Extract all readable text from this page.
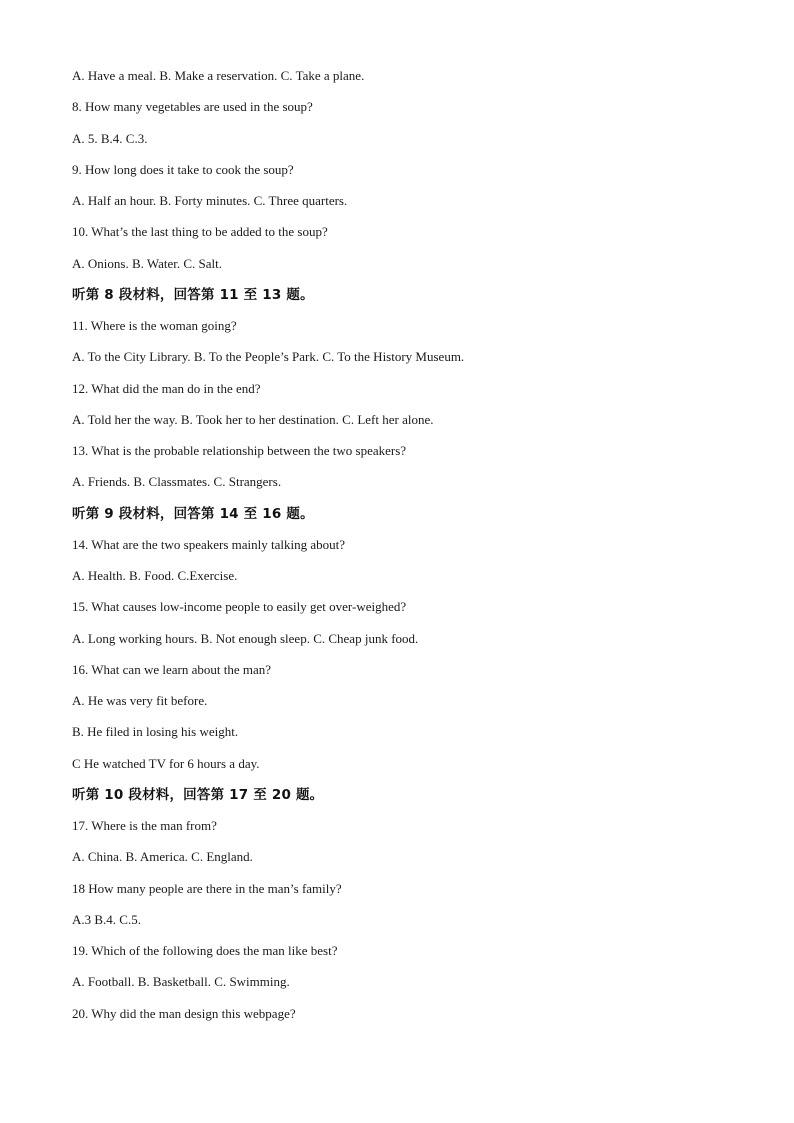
A. Have a meal. B. Make a reservation. C. Take a plane.
8. How many vegetables are used in the soup?
A. 5. B.4. C.3.
9. How long does it take to cook the soup?
A. Half an hour. B. Forty minutes. C. Three quarters.
10. What’s the last thing to be added to the soup?
A. Onions. B. Water. C. Salt.
听第 8 段材料，回答第 11 至 13 题。
11. Where is the woman going?
A. To the City Library. B. To the People’s Park. C. To the History Museum.
12. What did the man do in the end?
A. Told her the way. B. Took her to her destination. C. Left her alone.
13. What is the probable relationship between the two speakers?
A. Friends. B. Classmates. C. Strangers.
听第 9 段材料，回答第 14 至 16 题。
14. What are the two speakers mainly talking about?
A. Health. B. Food. C.Exercise.
15. What causes low-income people to easily get over-weighed?
A. Long working hours. B. Not enough sleep. C. Cheap junk food.
16. What can we learn about the man?
A. He was very fit before.
B. He filed in losing his weight.
C He watched TV for 6 hours a day.
听第 10 段材料，回答第 17 至 20 题。
17. Where is the man from?
A. China. B. America. C. England.
18 How many people are there in the man’s family?
A.3 B.4. C.5.
19. Which of the following does the man like best?
A. Football. B. Basketball. C. Swimming.
20. Why did the man design this webpage?
